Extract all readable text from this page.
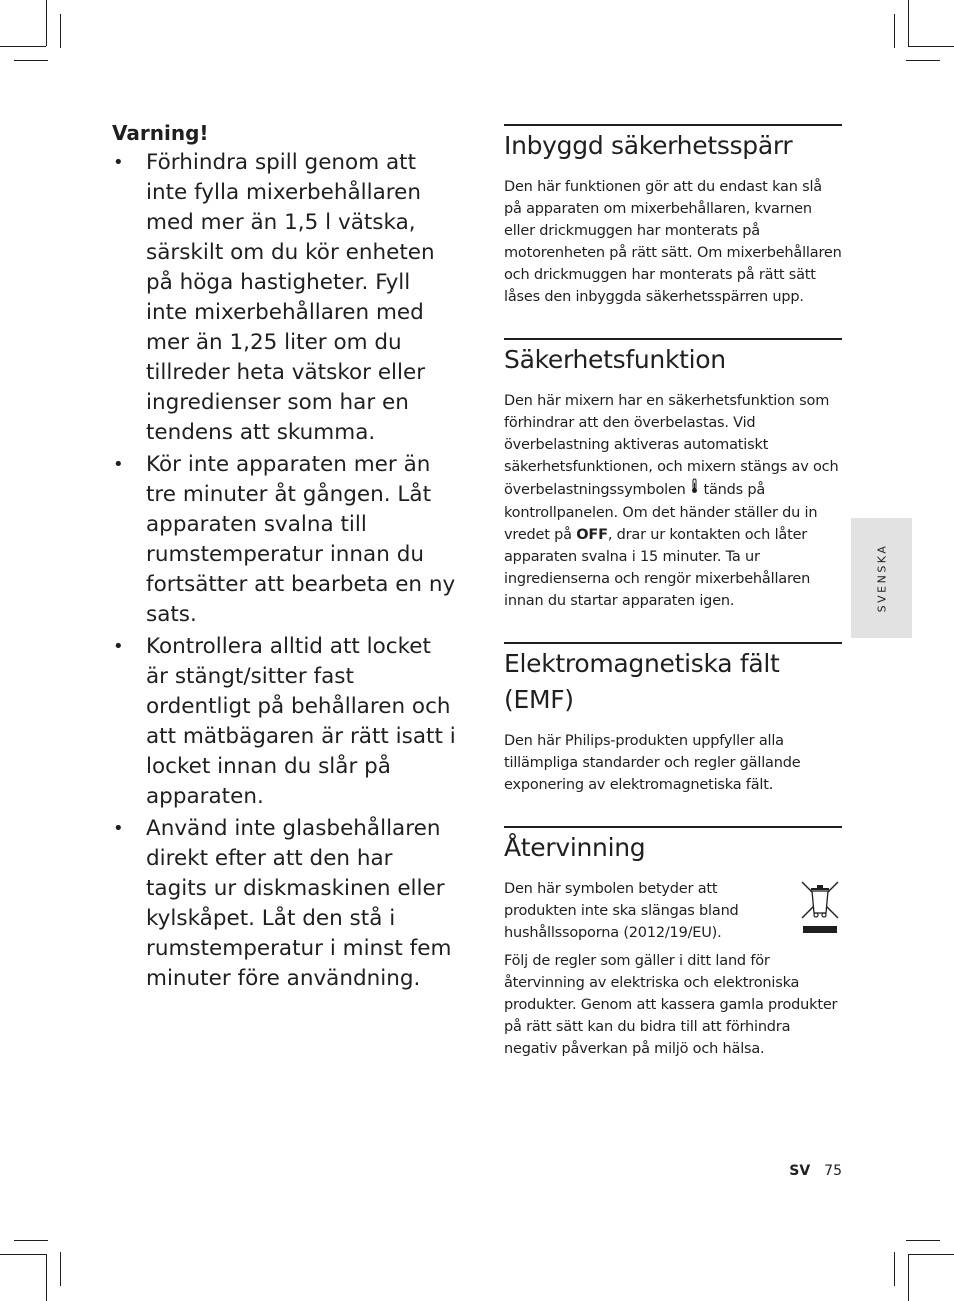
Varning!
• Förhindra spill genom att inte fylla mixerbehållaren med mer än 1,5 l vätska, särskilt om du kör enheten på höga hastigheter. Fyll inte mixerbehållaren med mer än 1,25 liter om du tillreder heta vätskor eller ingredienser som har en tendens att skumma.
• Kör inte apparaten mer än tre minuter åt gången. Låt apparaten svalna till rumstemperatur innan du fortsätter att bearbeta en ny sats.
• Kontrollera alltid att locket är stängt/sitter fast ordentligt på behållaren och att mätbägaren är rätt isatt i locket innan du slår på apparaten.
• Använd inte glasbehållaren direkt efter att den har tagits ur diskmaskinen eller kylskåpet. Låt den stå i rumstemperatur i minst fem minuter före användning.
Inbyggd säkerhetsspärr

Den här funktionen gör att du endast kan slå på apparaten om mixerbehållaren, kvarnen eller drickmuggen har monterats på motorenheten på rätt sätt. Om mixerbehållaren och drickmuggen har monterats på rätt sätt låses den inbyggda säkerhetsspärren upp.

Säkerhetsfunktion

Den här mixern har en säkerhetsfunktion som förhindrar att den överbelastas. Vid överbelastning aktiveras automatiskt säkerhetsfunktionen, och mixern stängs av och överbelastningssymbolen tänds på kontrollpanelen. Om det händer ställer du in vredet på OFF, drar ur kontakten och låter apparaten svalna i 15 minuter. Ta ur ingredienserna och rengör mixerbehållaren innan du startar apparaten igen.

Elektromagnetiska fält (EMF)

Den här Philips-produkten uppfyller alla tillämpliga standarder och regler gällande exponering av elektromagnetiska fält.

Återvinning

Den här symbolen betyder att produkten inte ska slängas bland hushållssoporna (2012/19/EU).

Följ de regler som gäller i ditt land för återvinning av elektriska och elektroniska produkter. Genom att kassera gamla produkter på rätt sätt kan du bidra till att förhindra negativ påverkan på miljö och hälsa.

SVENSKA
SV 75
